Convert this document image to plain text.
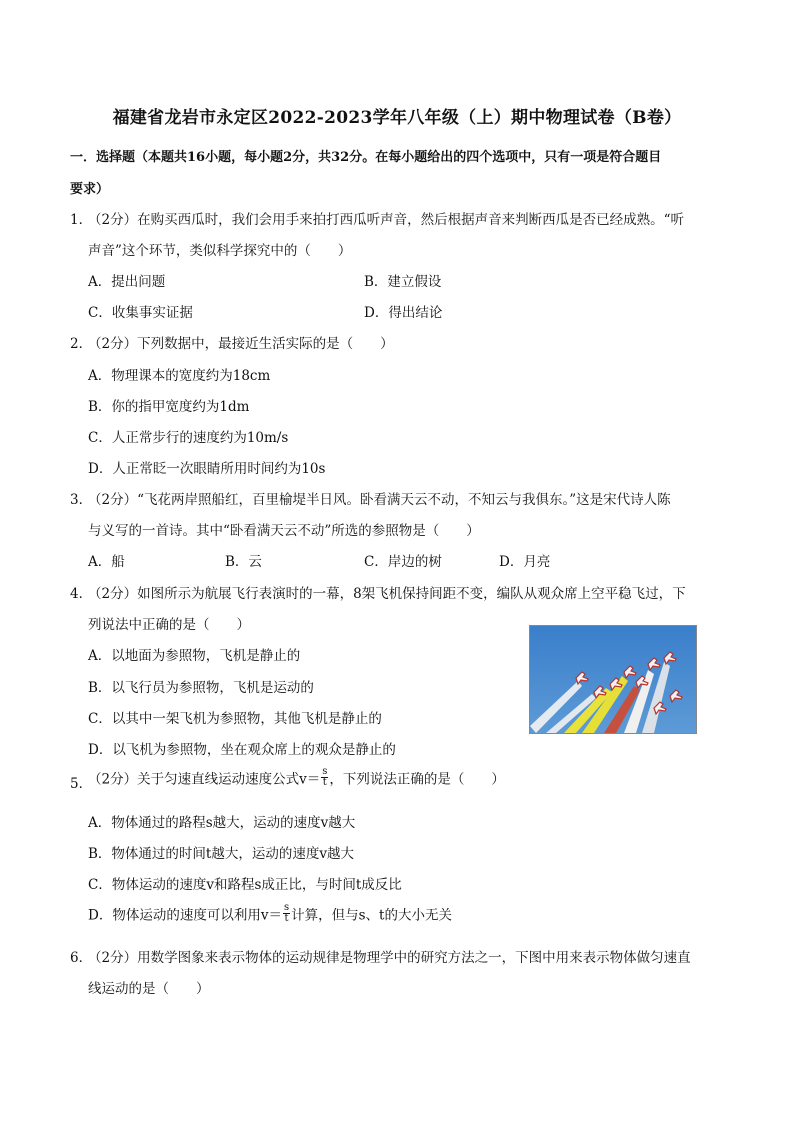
福建省龙岩市永定区2022-2023学年八年级（上）期中物理试卷（B卷）
一．选择题（本题共16小题，每小题2分，共32分。在每小题给出的四个选项中，只有一项是符合题目
要求）
1．
（2分）在购买西瓜时，我们会用手来拍打西瓜听声音，然后根据声音来判断西瓜是否已经成熟。“听
声音”这个环节，类似科学探究中的（　　）
A．提出问题	B．建立假设
C．收集事实证据	D．得出结论
2．
（2分）下列数据中，最接近生活实际的是（　　）
A．物理课本的宽度约为18cm
B．你的指甲宽度约为1dm
C．人正常步行的速度约为10m/s
D．人正常眨一次眼睛所用时间约为10s
3．
（2分）“飞花两岸照船红，百里榆堤半日风。卧看满天云不动，不知云与我俱东。”这是宋代诗人陈
与义写的一首诗。其中“卧看满天云不动”所选的参照物是（　　）
A．船	B．云	C．岸边的树	D．月亮
4．
（2分）如图所示为航展飞行表演时的一幕，8架飞机保持间距不变，编队从观众席上空平稳飞过，下
列说法中正确的是（　　）
A．以地面为参照物，飞机是静止的
B．以飞行员为参照物，飞机是运动的
C．以其中一架飞机为参照物，其他飞机是静止的
D．以飞机为参照物，坐在观众席上的观众是静止的
5．
（2分）关于匀速直线运动速度公式$v= \frac{s}{t}$ ，下列说法正确的是（　　）
A．物体通过的路程s越大，运动的速度v越大
B．物体通过的时间t越大，运动的速度v越大
C．物体运动的速度v和路程s成正比，与时间t成反比
D．物体运动的速度可以利用$v= \frac{s}{t}$ 计算，但与s、t的大小无关
6．
（2分）用数学图象来表示物体的运动规律是物理学中的研究方法之一，下图中用来表示物体做匀速直
线运动的是（　　）
